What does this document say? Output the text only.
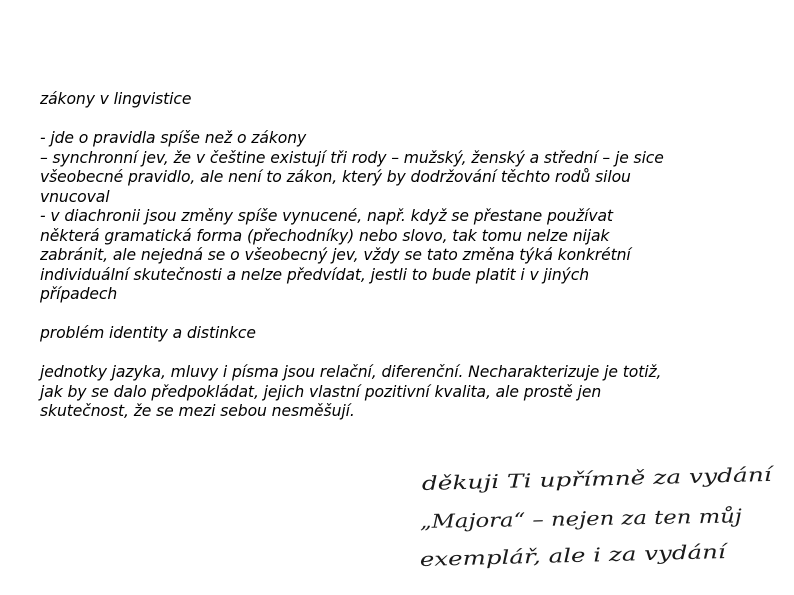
zákony v lingvistice

- jde o pravidla spíše než o zákony

– synchronní jev, že v češtine existují tři rody – mužský, ženský a střední – je sice

všeobecné pravidlo, ale není to zákon, který by dodržování těchto rodů silou

vnucoval

- v diachronii jsou změny spíše vynucené, např. když se přestane používat

některá gramatická forma (přechodníky) nebo slovo, tak tomu nelze nijak

zabránit, ale nejedná se o všeobecný jev, vždy se tato změna týká konkrétní

individuální skutečnosti a nelze předvídat, jestli to bude platit i v jiných

případech

problém identity a distinkce

jednotky jazyka, mluvy i písma jsou relační, diferenční. Necharakterizuje je totiž,

jak by se dalo předpokládat, jejich vlastní pozitivní kvalita, ale prostě jen

skutečnost, že se mezi sebou nesměšují.

děkuji Ti upřímně za vydání
„Majora“ – nejen za ten můj
exemplář, ale i za vydání
